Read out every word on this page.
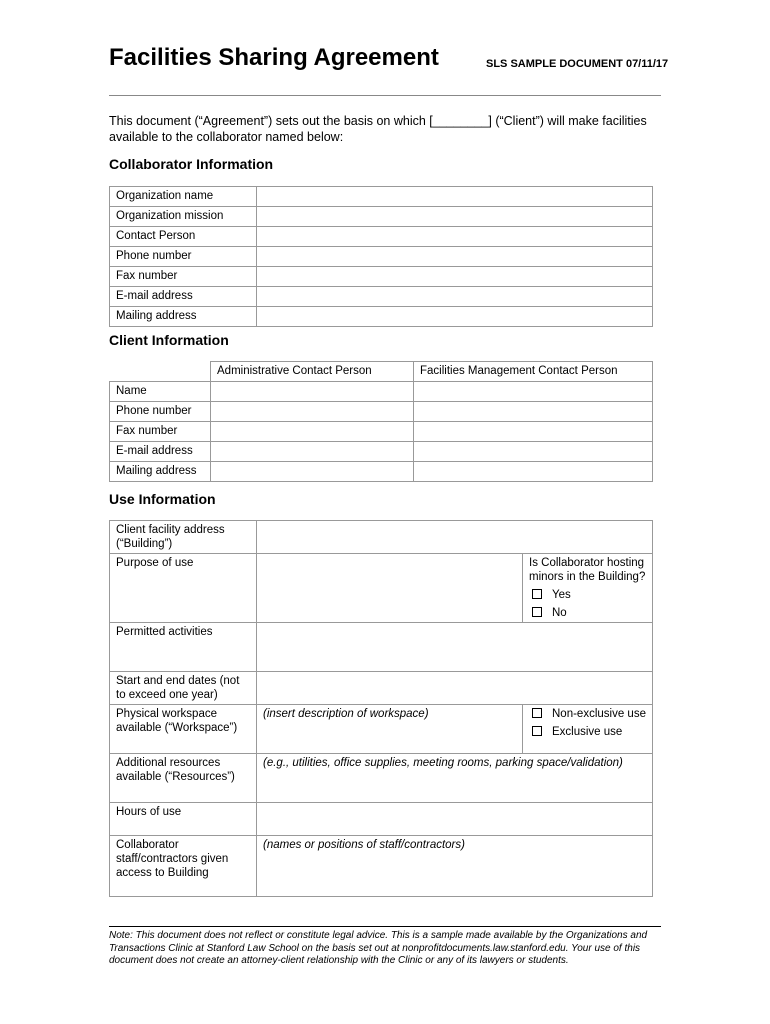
Facilities Sharing Agreement	SLS SAMPLE DOCUMENT 07/11/17
This document (“Agreement”) sets out the basis on which [________] (“Client”) will make facilities available to the collaborator named below:
Collaborator Information
Organization name	
Organization mission	
Contact Person	
Phone number	
Fax number	
E-mail address	
Mailing address	
Client Information
	Administrative Contact Person	Facilities Management Contact Person
Name		
Phone number		
Fax number		
E-mail address		
Mailing address		
Use Information
Client facility address (“Building”)		
Purpose of use		Is Collaborator hosting minors in the Building?
Yes
No

Permitted activities		
Start and end dates (not to exceed one year)		
Physical workspace available (“Workspace”)	(insert description of workspace)	Non-exclusive use
Exclusive use

Additional resources available (“Resources”)	(e.g., utilities, office supplies, meeting rooms, parking space/validation)	
Hours of use		
Collaborator staff/contractors given access to Building	(names or positions of staff/contractors)	
Note: This document does not reflect or constitute legal advice. This is a sample made available by the Organizations and Transactions Clinic at Stanford Law School on the basis set out at nonprofitdocuments.law.stanford.edu. Your use of this document does not create an attorney-client relationship with the Clinic or any of its lawyers or students.
